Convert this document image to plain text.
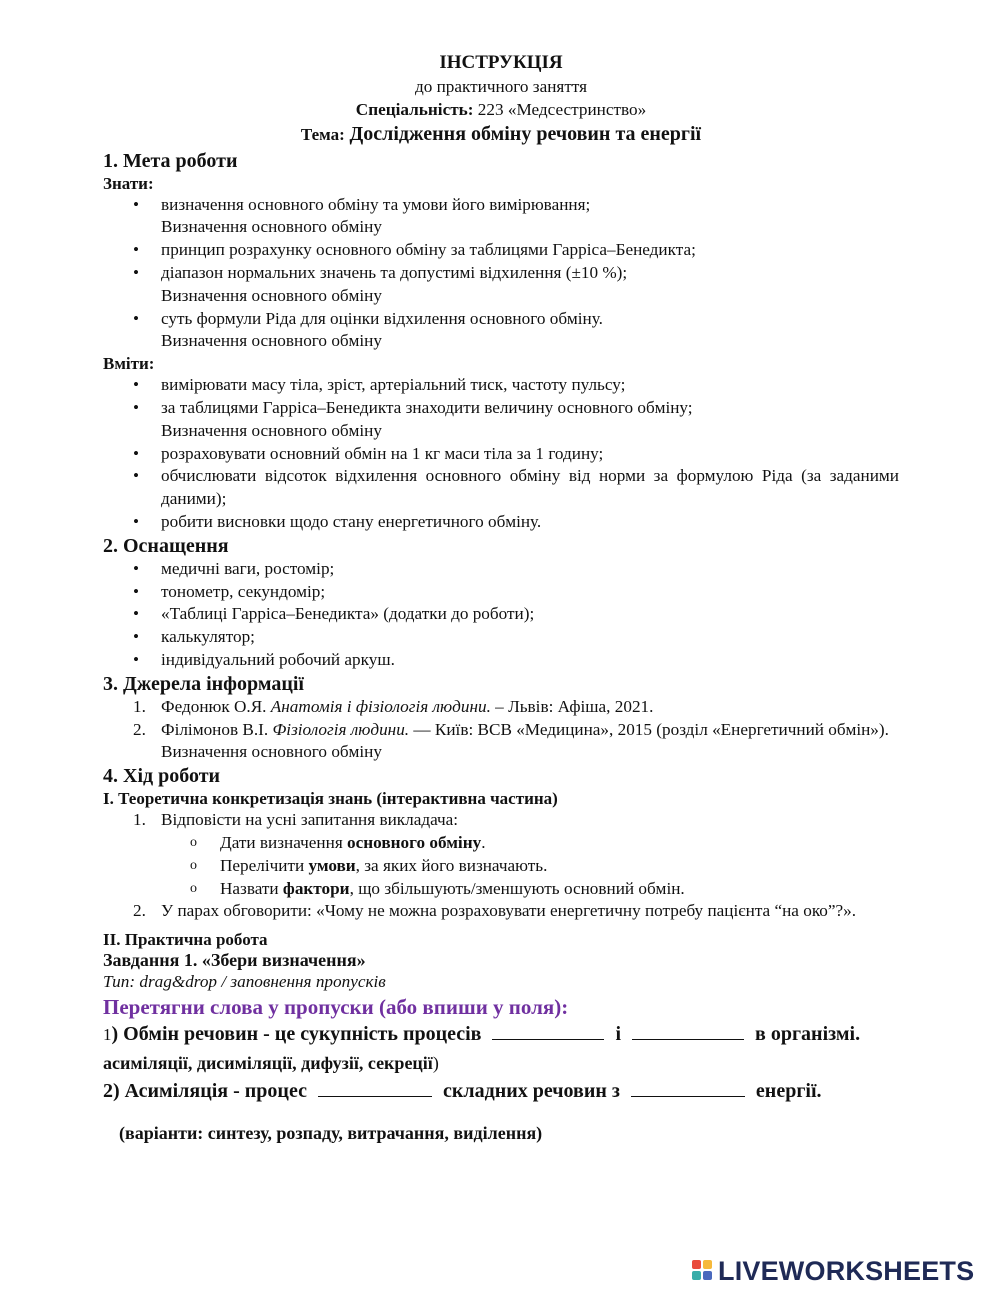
ІНСТРУКЦІЯ
до практичного заняття
Спеціальність: 223 «Медсестринство»
Тема: Дослідження обміну речовин та енергії
1. Мета роботи
Знати:
• визначення основного обміну та умови його вимірювання;
Визначення основного обміну
• принцип розрахунку основного обміну за таблицями Гарріса–Бенедикта;
• діапазон нормальних значень та допустимі відхилення (±10 %);
Визначення основного обміну
• суть формули Ріда для оцінки відхилення основного обміну.
Визначення основного обміну
Вміти:
• вимірювати масу тіла, зріст, артеріальний тиск, частоту пульсу;
• за таблицями Гарріса–Бенедикта знаходити величину основного обміну;
Визначення основного обміну
• розраховувати основний обмін на 1 кг маси тіла за 1 годину;
• обчислювати відсоток відхилення основного обміну від норми за формулою Ріда (за заданими даними);
• робити висновки щодо стану енергетичного обміну.
2. Оснащення
• медичні ваги, ростомір;
• тонометр, секундомір;
• «Таблиці Гарріса–Бенедикта» (додатки до роботи);
• калькулятор;
• індивідуальний робочий аркуш.
3. Джерела інформації
1. Федонюк О.Я. Анатомія і фізіологія людини. – Львів: Афіша, 2021.
2. Філімонов В.І. Фізіологія людини. — Київ: ВСВ «Медицина», 2015 (розділ «Енергетичний обмін»).
Визначення основного обміну
4. Хід роботи
I. Теоретична конкретизація знань (інтерактивна частина)
1. Відповісти на усні запитання викладача:
o Дати визначення основного обміну.
o Перелічити умови, за яких його визначають.
o Назвати фактори, що збільшують/зменшують основний обмін.
2. У парах обговорити: «Чому не можна розраховувати енергетичну потребу пацієнта “на око”?».
II. Практична робота
Завдання 1. «Збери визначення»
Тип: drag&drop / заповнення пропусків
Перетягни слова у пропуски (або впиши у поля):
1) Обмін речовин - це сукупність процесів	і	в організмі.
асиміляції, дисиміляції, дифузії, секреції)
2) Асиміляція - процес	складних речовин з	енергії.
(варіанти: синтезу, розпаду, витрачання, виділення)
LIVEWORKSHEETS
